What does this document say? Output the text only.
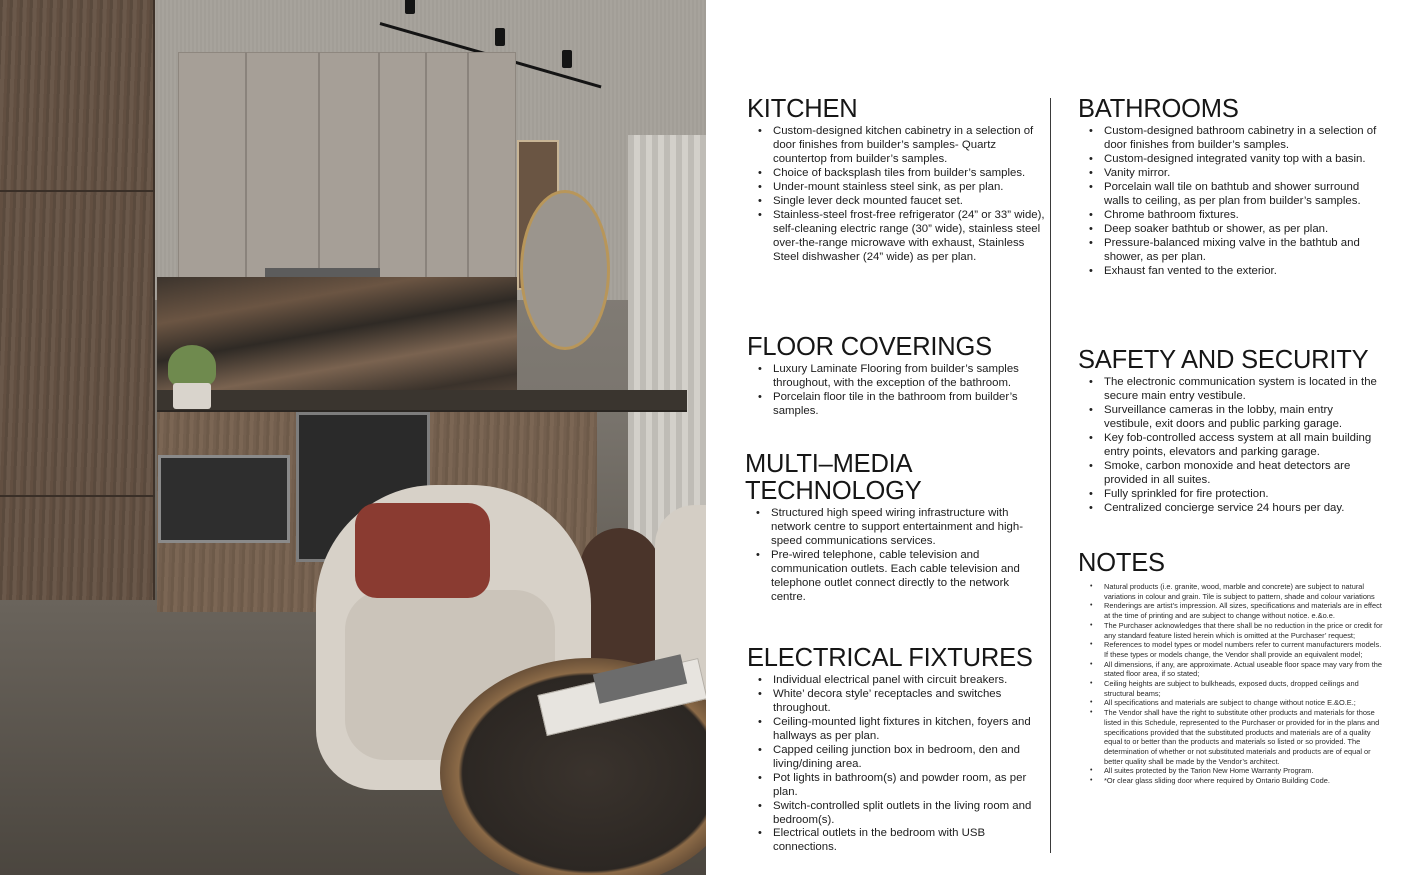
KITCHEN
• Custom-designed kitchen cabinetry in a selection of door finishes from builder’s samples- Quartz countertop from builder’s samples.
• Choice of backsplash tiles from builder’s samples.
• Under-mount stainless steel sink, as per plan.
• Single lever deck mounted faucet set.
• Stainless-steel frost-free refrigerator (24” or 33” wide), self-cleaning electric range (30” wide), stainless steel over-the-range microwave with exhaust, Stainless Steel dishwasher (24” wide) as per plan.
FLOOR COVERINGS
• Luxury Laminate Flooring from builder’s samples throughout, with the exception of the bathroom.
• Porcelain floor tile in the bathroom from builder’s samples.
MULTI–MEDIA
TECHNOLOGY
• Structured high speed wiring infrastructure with network centre to support entertainment and high-speed communications services.
• Pre-wired telephone, cable television and communication outlets. Each cable television and telephone outlet connect directly to the network centre.
ELECTRICAL FIXTURES
• Individual electrical panel with circuit breakers.
• White’ decora style’ receptacles and switches throughout.
• Ceiling-mounted light fixtures in kitchen, foyers and hallways as per plan.
• Capped ceiling junction box in bedroom, den and living/dining area.
• Pot lights in bathroom(s) and powder room, as per plan.
• Switch-controlled split outlets in the living room and bedroom(s).
• Electrical outlets in the bedroom with USB connections.
BATHROOMS
• Custom-designed bathroom cabinetry in a selection of door finishes from builder’s samples.
• Custom-designed integrated vanity top with a basin.
• Vanity mirror.
• Porcelain wall tile on bathtub and shower surround walls to ceiling, as per plan from builder’s samples.
• Chrome bathroom fixtures.
• Deep soaker bathtub or shower, as per plan.
• Pressure-balanced mixing valve in the bathtub and shower, as per plan.
• Exhaust fan vented to the exterior.
SAFETY AND SECURITY
• The electronic communication system is located in the secure main entry vestibule.
• Surveillance cameras in the lobby, main entry vestibule, exit doors and public parking garage.
• Key fob-controlled access system at all main building entry points, elevators and parking garage.
• Smoke, carbon monoxide and heat detectors are provided in all suites.
• Fully sprinkled for fire protection.
• Centralized concierge service 24 hours per day.
NOTES
• Natural products (i.e. granite, wood, marble and concrete) are subject to natural variations in colour and grain. Tile is subject to pattern, shade and colour variations
• Renderings are artist’s impression. All sizes, specifications and materials are in effect at the time of printing and are subject to change without notice. e.&o.e.
• The Purchaser acknowledges that there shall be no reduction in the price or credit for any standard feature listed herein which is omitted at the Purchaser’ request;
• References to model types or model numbers refer to current manufacturers models. If these types or models change, the Vendor shall provide an equivalent model;
• All dimensions, if any, are approximate. Actual useable floor space may vary from the stated floor area, if so stated;
• Ceiling heights are subject to bulkheads, exposed ducts, dropped ceilings and structural beams;
• All specifications and materials are subject to change without notice E.&O.E.;
• The Vendor shall have the right to substitute other products and materials for those listed in this Schedule, represented to the Purchaser or provided for in the plans and specifications provided that the substituted products and materials are of a quality equal to or better than the products and materials so listed or so provided. The determination of whether or not substituted materials and products are of equal or better quality shall be made by the Vendor’s architect.
• All suites protected by the Tarion New Home Warranty Program.
• *Or clear glass sliding door where required by Ontario Building Code.
